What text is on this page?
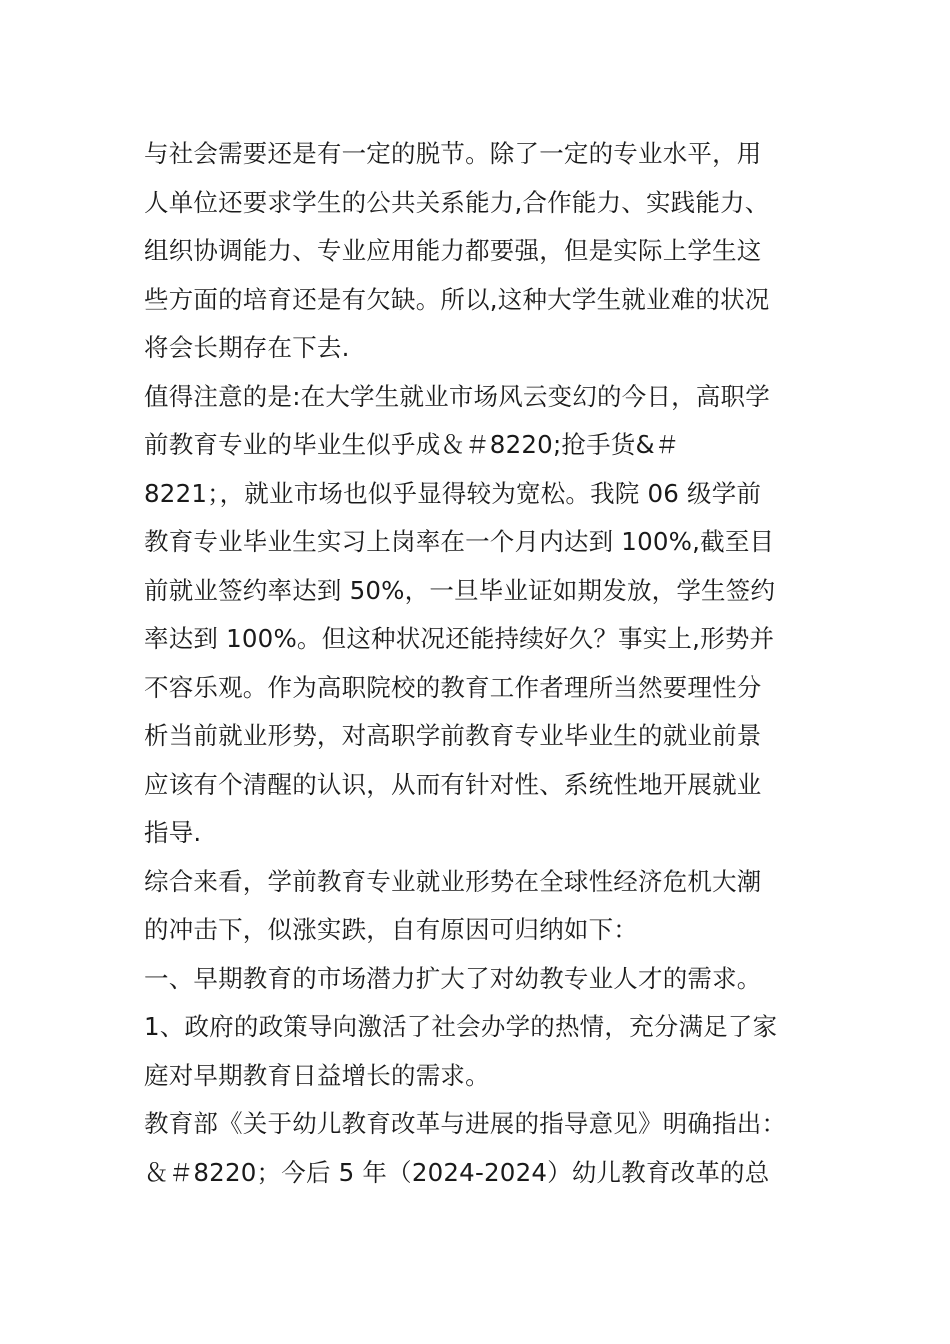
与社会需要还是有一定的脱节。除了一定的专业水平，用
人单位还要求学生的公共关系能力,合作能力、实践能力、
组织协调能力、专业应用能力都要强，但是实际上学生这
些方面的培育还是有欠缺。所以,这种大学生就业难的状况
将会长期存在下去.
值得注意的是:在大学生就业市场风云变幻的今日，高职学
前教育专业的毕业生似乎成＆＃8220;抢手货&＃
8221；，就业市场也似乎显得较为宽松。我院 06 级学前
教育专业毕业生实习上岗率在一个月内达到 100%,截至目
前就业签约率达到 50%，一旦毕业证如期发放，学生签约
率达到 100%。但这种状况还能持续好久？事实上,形势并
不容乐观。作为高职院校的教育工作者理所当然要理性分
析当前就业形势，对高职学前教育专业毕业生的就业前景
应该有个清醒的认识，从而有针对性、系统性地开展就业
指导.
综合来看，学前教育专业就业形势在全球性经济危机大潮
的冲击下，似涨实跌，自有原因可归纳如下：
一、早期教育的市场潜力扩大了对幼教专业人才的需求。
1、政府的政策导向激活了社会办学的热情，充分满足了家
庭对早期教育日益增长的需求。
教育部《关于幼儿教育改革与进展的指导意见》明确指出：
＆＃8220；今后 5 年（2024-2024）幼儿教育改革的总
